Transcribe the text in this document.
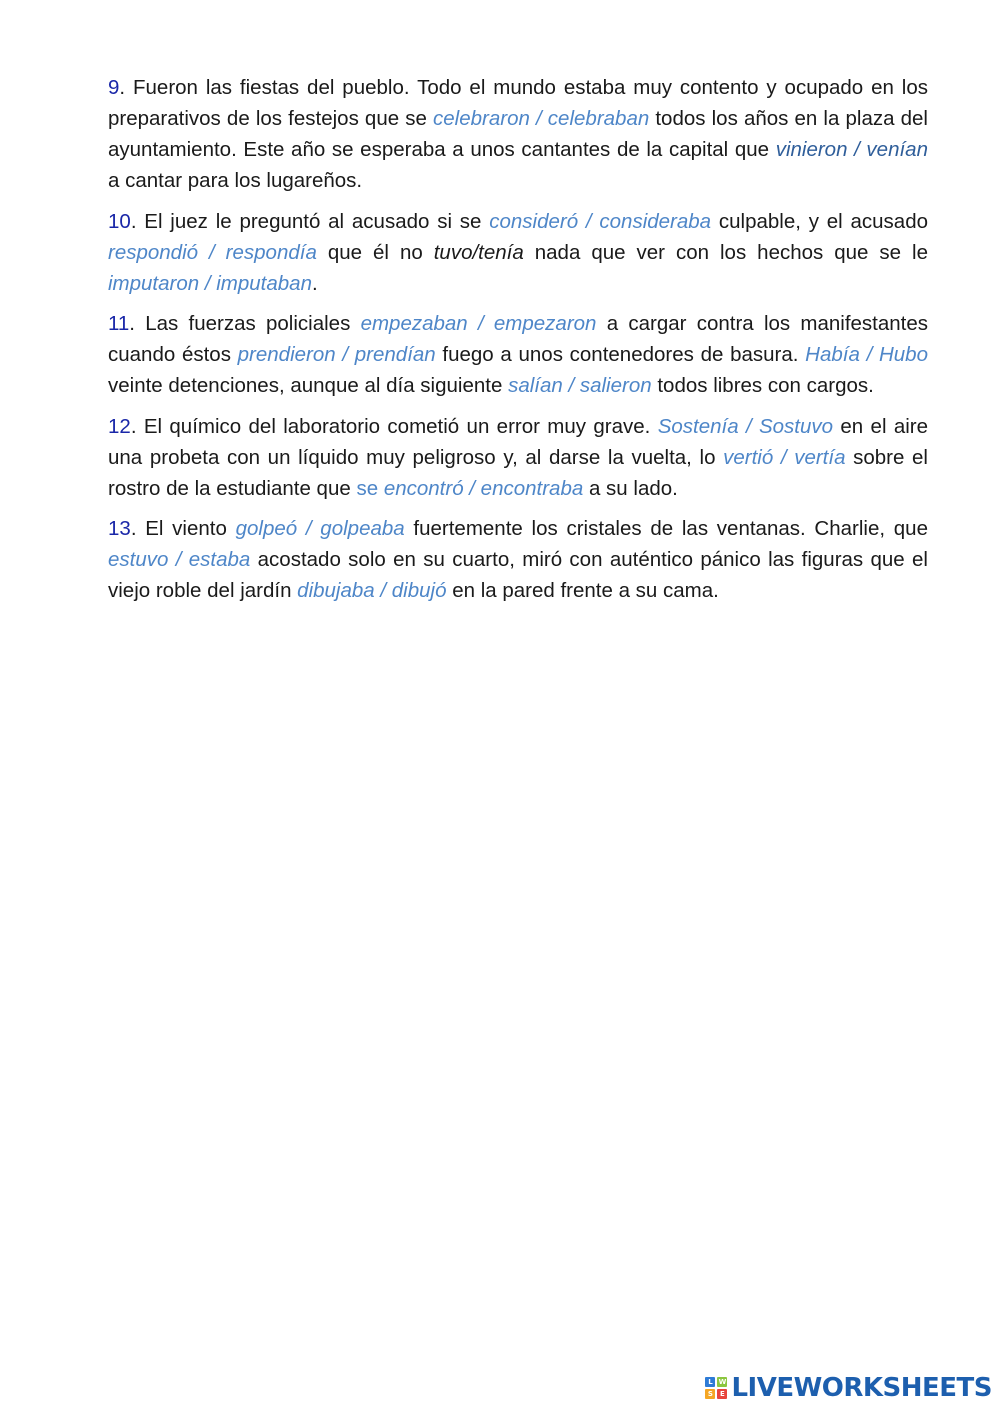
9. Fueron las fiestas del pueblo. Todo el mundo estaba muy contento y ocupado en los preparativos de los festejos que se celebraron / celebraban todos los años en la plaza del ayuntamiento. Este año se esperaba a unos cantantes de la capital que vinieron / venían a cantar para los lugareños.

10. El juez le preguntó al acusado si se consideró / consideraba culpable, y el acusado respondió / respondía que él no tuvo/tenía nada que ver con los hechos que se le imputaron / imputaban.

11. Las fuerzas policiales empezaban / empezaron a cargar contra los manifestantes cuando éstos prendieron / prendían fuego a unos contenedores de basura. Había / Hubo veinte detenciones, aunque al día siguiente salían / salieron todos libres con cargos.

12. El químico del laboratorio cometió un error muy grave. Sostenía / Sostuvo en el aire una probeta con un líquido muy peligroso y, al darse la vuelta, lo vertió / vertía sobre el rostro de la estudiante que se encontró / encontraba a su lado.

13. El viento golpeó / golpeaba fuertemente los cristales de las ventanas. Charlie, que estuvo / estaba acostado solo en su cuarto, miró con auténtico pánico las figuras que el viejo roble del jardín dibujaba / dibujó en la pared frente a su cama.

L W
S	E LIVEWORKSHEETS
